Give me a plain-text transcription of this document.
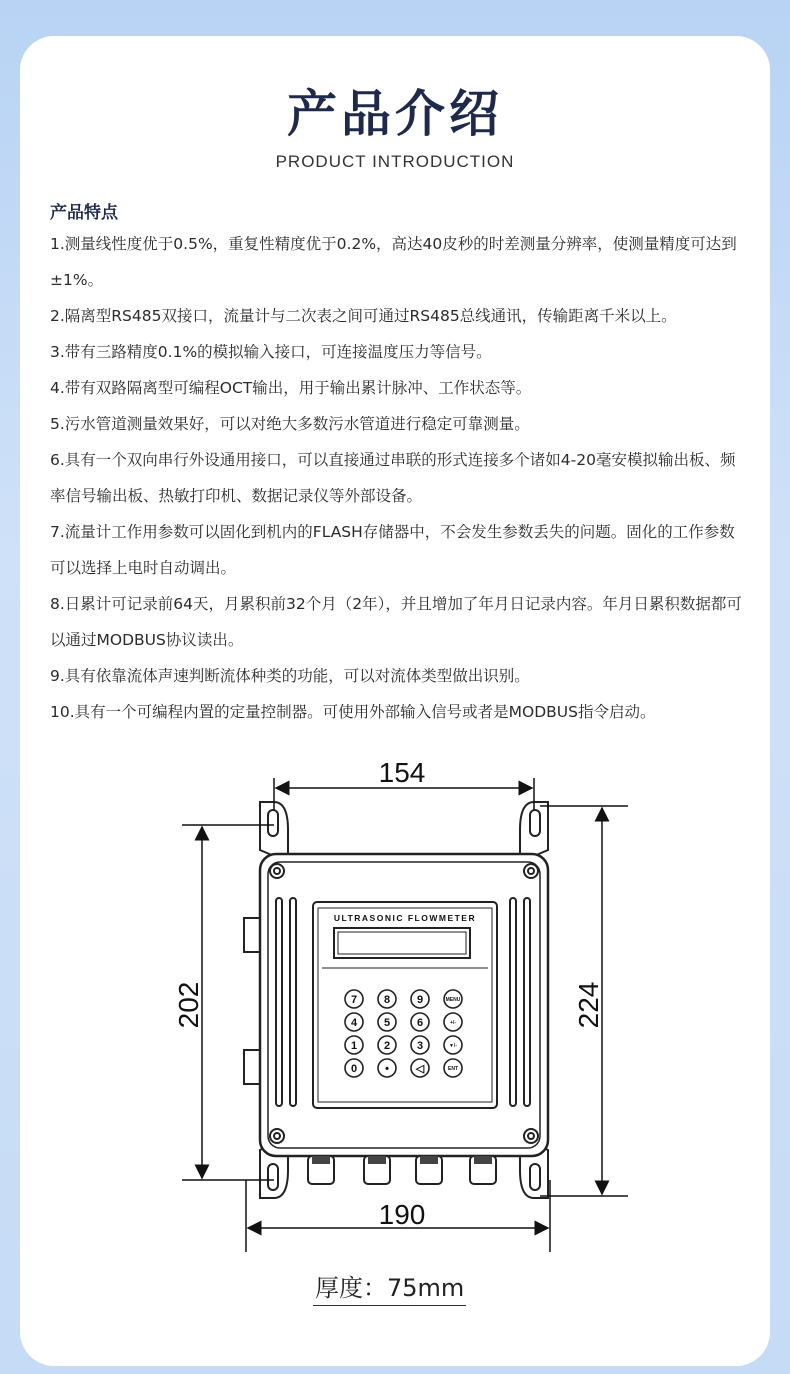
产品介绍
PRODUCT INTRODUCTION
产品特点

1.测量线性度优于0.5%，重复性精度优于0.2%，高达40皮秒的时差测量分辨率，使测量精度可达到±1%。

2.隔离型RS485双接口，流量计与二次表之间可通过RS485总线通讯，传输距离千米以上。

3.带有三路精度0.1%的模拟输入接口，可连接温度压力等信号。

4.带有双路隔离型可编程OCT输出，用于输出累计脉冲、工作状态等。

5.污水管道测量效果好，可以对绝大多数污水管道进行稳定可靠测量。

6.具有一个双向串行外设通用接口，可以直接通过串联的形式连接多个诸如4-20毫安模拟输出板、频率信号输出板、热敏打印机、数据记录仪等外部设备。

7.流量计工作用参数可以固化到机内的FLASH存储器中，不会发生参数丢失的问题。固化的工作参数可以选择上电时自动调出。

8.日累计可记录前64天，月累积前32个月（2年），并且增加了年月日记录内容。年月日累积数据都可以通过MODBUS协议读出。

9.具有依靠流体声速判断流体种类的功能，可以对流体类型做出识别。

10.具有一个可编程内置的定量控制器。可使用外部输入信号或者是MODBUS指令启动。

ULTRASONIC FLOWMETER
7 8 9	MENU
4 5 6	+/-
1 2 3	▼/-
0	• ◁	ENT
154
190
202	224
厚度：75mm
